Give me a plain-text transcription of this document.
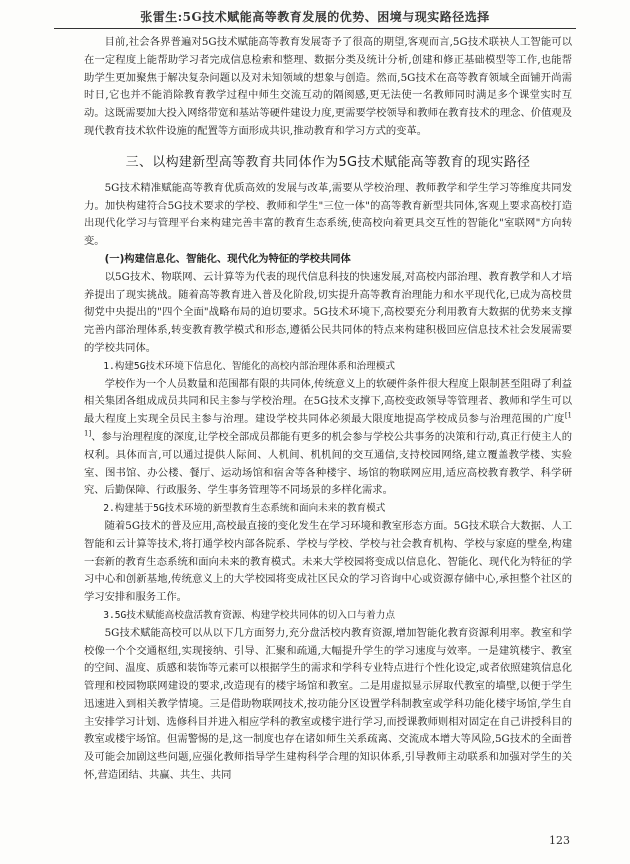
张雷生:5G技术赋能高等教育发展的优势、困境与现实路径选择

目前,社会各界普遍对5G技术赋能高等教育发展寄予了很高的期望,客观而言,5G技术联袂人工智能可以在一定程度上能帮助学习者完成信息检索和整理、数据分类及统计分析,创建和修正基础模型等工作,也能帮助学生更加聚焦于解决复杂问题以及对未知领域的想象与创造。然而,5G技术在高等教育领域全面铺开尚需时日,它也并不能消除教育教学过程中师生交流互动的隔阂感,更无法使一名教师同时满足多个课堂实时互动。这既需要加大投入网络带宽和基站等硬件建设力度,更需要学校领导和教师在教育技术的理念、价值观及现代教育技术软件设施的配置等方面形成共识,推动教育和学习方式的变革。

三、以构建新型高等教育共同体作为5G技术赋能高等教育的现实路径

5G技术精准赋能高等教育优质高效的发展与改革,需要从学校治理、教师教学和学生学习等维度共同发力。加快构建符合5G技术要求的学校、教师和学生"三位一体"的高等教育新型共同体,客观上要求高校打造出现代化学习与管理平台来构建完善丰富的教育生态系统,使高校向着更具交互性的智能化"室联网"方向转变。

(一)构建信息化、智能化、现代化为特征的学校共同体

以5G技术、物联网、云计算等为代表的现代信息科技的快速发展,对高校内部治理、教育教学和人才培养提出了现实挑战。随着高等教育进入普及化阶段,切实提升高等教育治理能力和水平现代化,已成为高校贯彻党中央提出的"四个全面"战略布局的迫切要求。5G技术环境下,高校要充分利用教育大数据的优势来支撑完善内部治理体系,转变教育教学模式和形态,遵循公民共同体的特点来构建积极回应信息技术社会发展需要的学校共同体。

1.构建5G技术环境下信息化、智能化的高校内部治理体系和治理模式

学校作为一个人员数量和范围都有限的共同体,传统意义上的软硬件条件很大程度上限制甚至阻碍了利益相关集团各组成成员共同和民主参与学校治理。在5G技术支撑下,高校变政领导等管理者、教师和学生可以最大程度上实现全员民主参与治理。建设学校共同体必须最大限度地提高学校成员参与治理范围的广度[11]、参与治理程度的深度,让学校全部成员都能有更多的机会参与学校公共事务的决策和行动,真正行使主人的权利。具体而言,可以通过提供人际间、人机间、机机间的交互通信,支持校园网络,建立覆盖教学楼、实验室、图书馆、办公楼、餐厅、运动场馆和宿舍等各种楼宇、场馆的物联网应用,适应高校教育教学、科学研究、后勤保障、行政服务、学生事务管理等不同场景的多样化需求。

2.构建基于5G技术环境的新型教育生态系统和面向未来的教育模式

随着5G技术的普及应用,高校最直接的变化发生在学习环境和教室形态方面。5G技术联合大数据、人工智能和云计算等技术,将打通学校内部各院系、学校与学校、学校与社会教育机构、学校与家庭的壁垒,构建一套新的教育生态系统和面向未来的教育模式。未来大学校园将变成以信息化、智能化、现代化为特征的学习中心和创新基地,传统意义上的大学校园将变成社区民众的学习咨询中心或资源存储中心,承担整个社区的学习安排和服务工作。

3.5G技术赋能高校盘活教育资源、构建学校共同体的切入口与着力点

5G技术赋能高校可以从以下几方面努力,充分盘活校内教育资源,增加智能化教育资源利用率。教室和学校像一个个交通枢纽,实现接纳、引导、汇聚和疏通,大幅提升学生的学习速度与效率。一是建筑楼宇、教室的空间、温度、质感和装饰等元素可以根据学生的需求和学科专业特点进行个性化设定,或者依照建筑信息化管理和校园物联网建设的要求,改造现有的楼宇场馆和教室。二是用虚拟显示屏取代教室的墙壁,以便于学生迅速进入到相关教学情境。三是借助物联网技术,按功能分区设置学科制教室或学科功能化楼宇场馆,学生自主安排学习计划、选修科目并进入相应学科的教室或楼宇进行学习,而授课教师则相对固定在自己讲授科目的教室或楼宇场馆。但需警惕的是,这一制度也存在诸如师生关系疏离、交流成本增大等风险,5G技术的全面普及可能会加剧这些问题,应强化教师指导学生建构科学合理的知识体系,引导教师主动联系和加强对学生的关怀,营造团结、共赢、共生、共同

123
